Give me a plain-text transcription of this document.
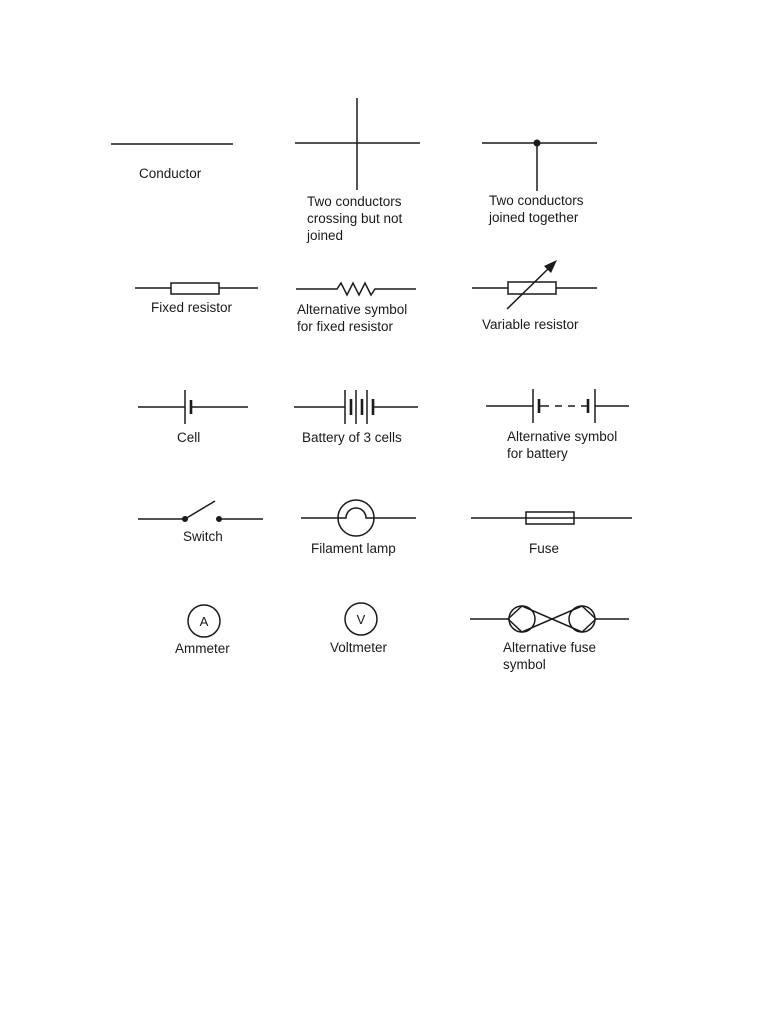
A	V
Conductor
Two conductors
crossing but not
joined
Two conductors
joined together
Fixed resistor	Alternative symbol
for fixed resistor	Variable resistor
Cell	Battery of 3 cells	Alternative symbol
for battery
Switch
Filament lamp	Fuse
Ammeter	Voltmeter	Alternative fuse
symbol
